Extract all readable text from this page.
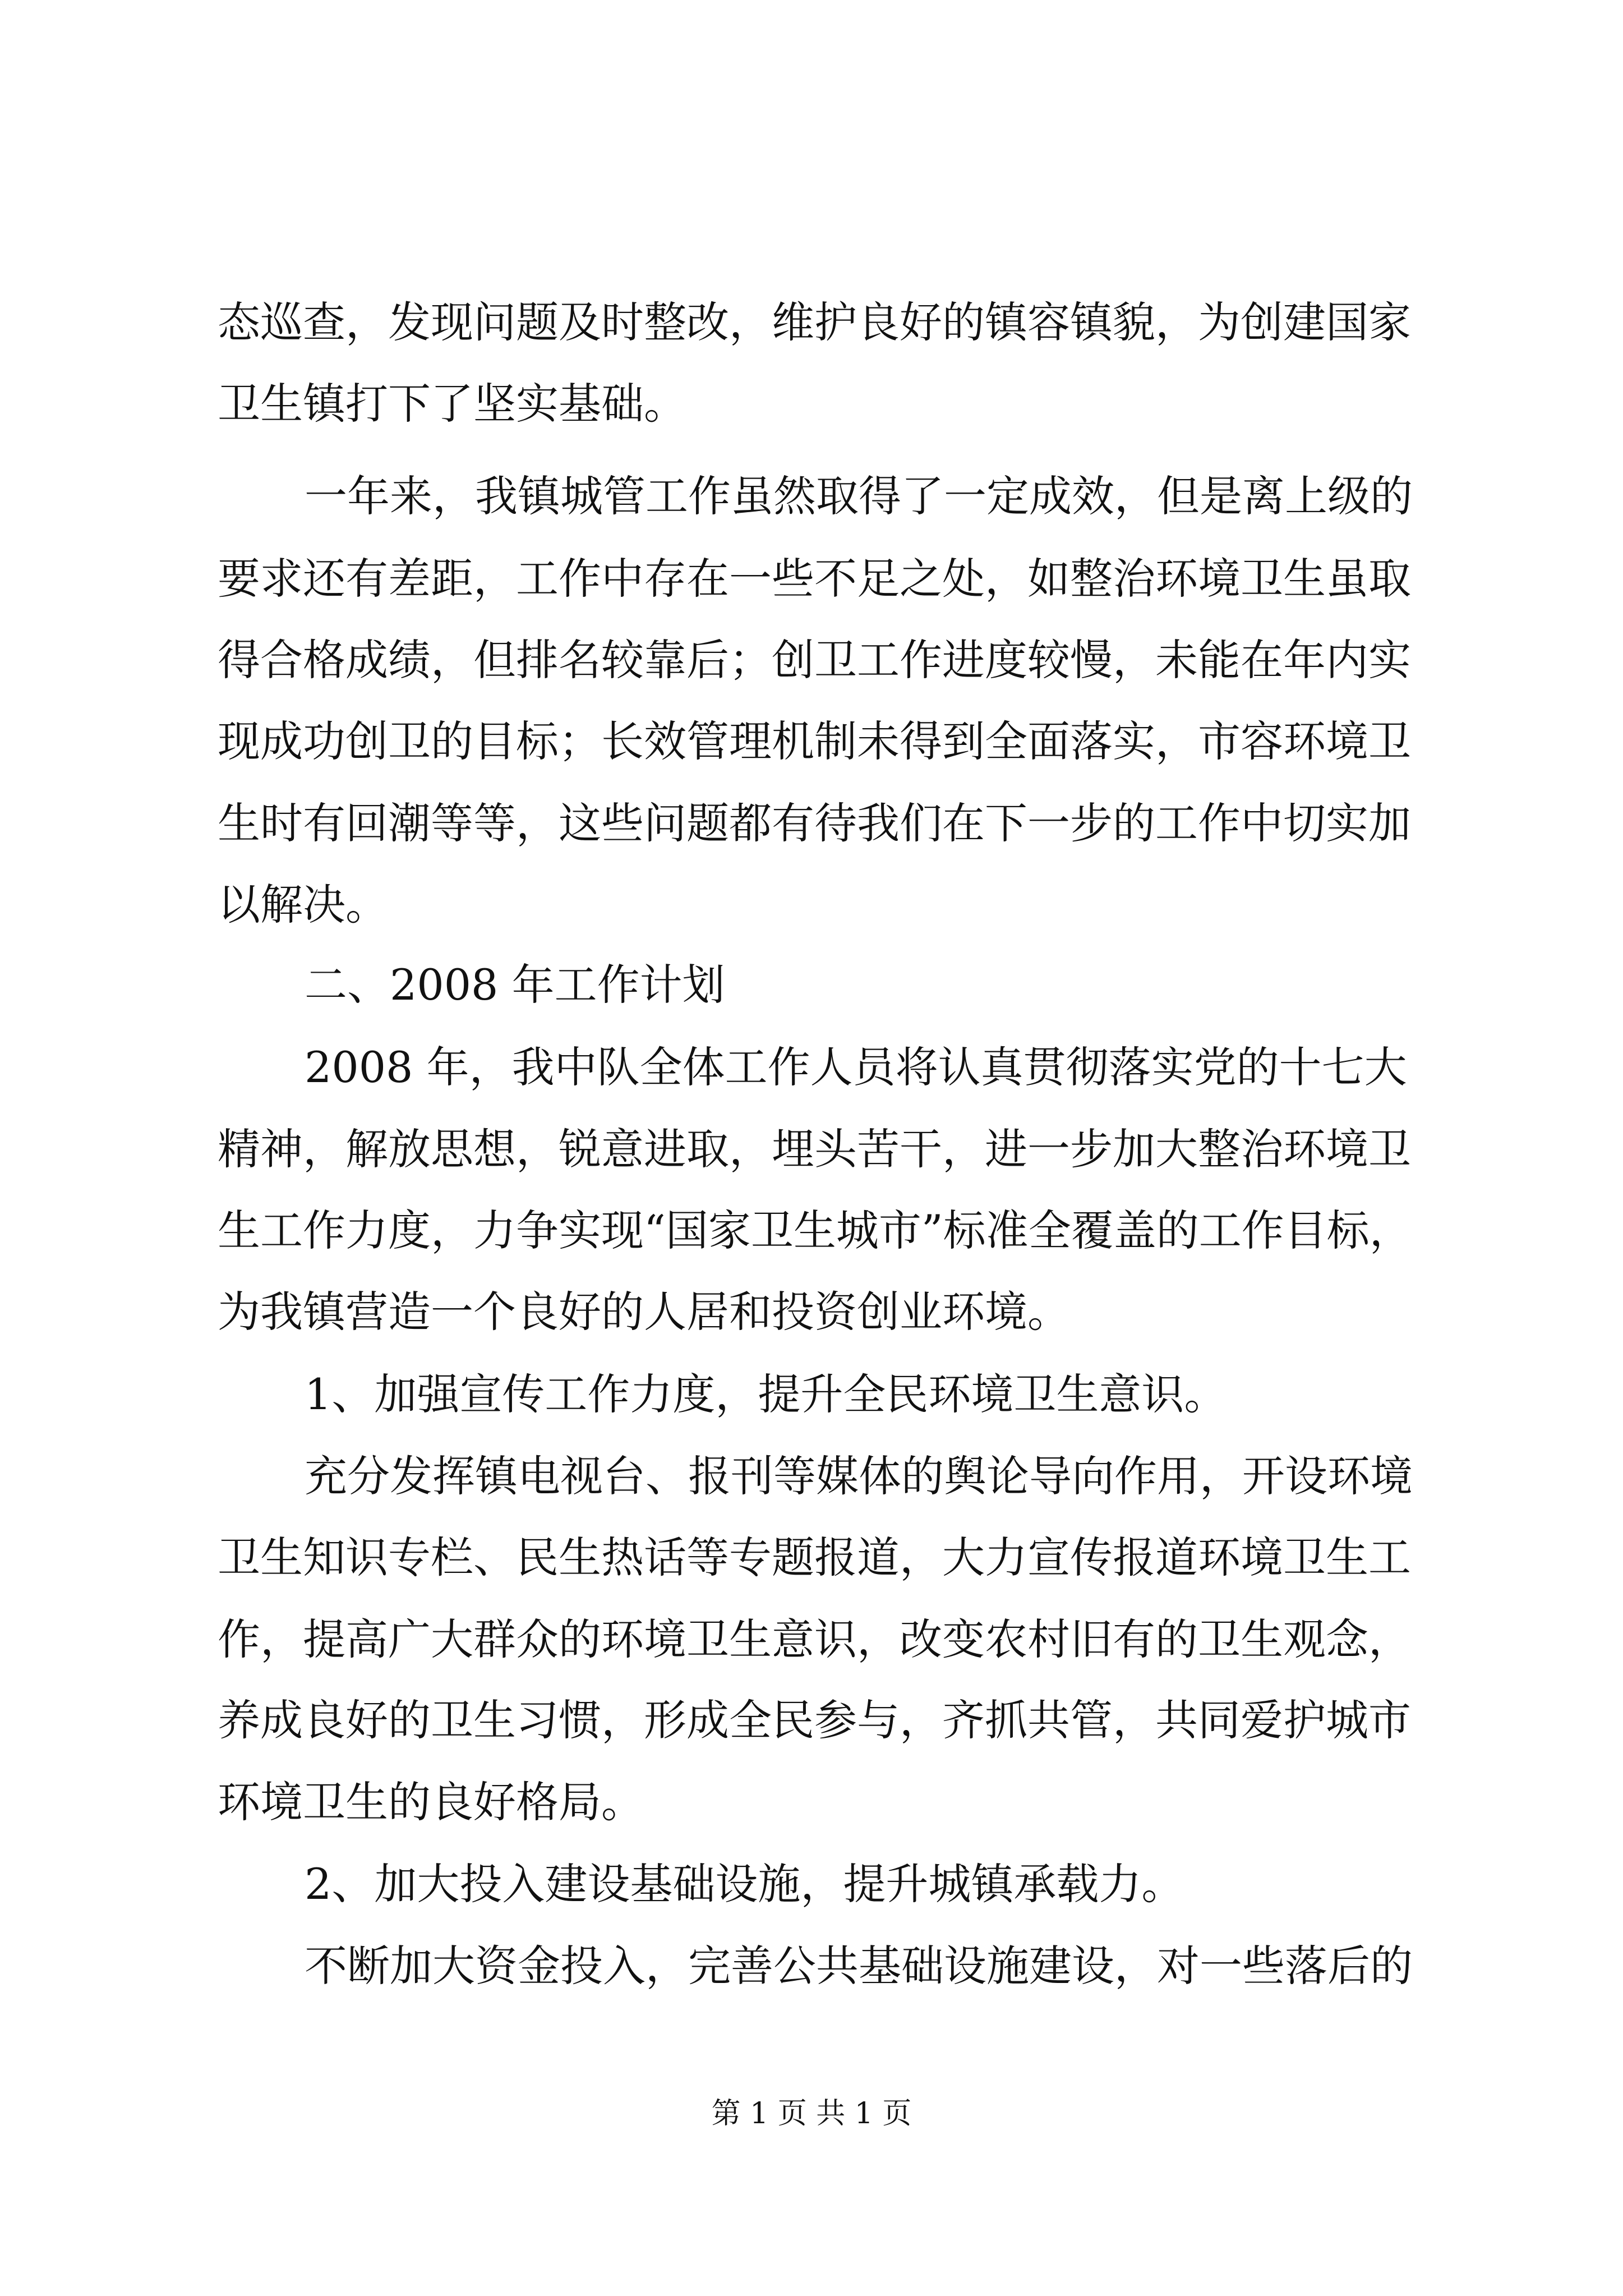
态巡查，发现问题及时整改，维护良好的镇容镇貌，为创建国家
卫生镇打下了坚实基础。
一年来，我镇城管工作虽然取得了一定成效，但是离上级的
要求还有差距，工作中存在一些不足之处，如整治环境卫生虽取
得合格成绩，但排名较靠后；创卫工作进度较慢，未能在年内实
现成功创卫的目标；长效管理机制未得到全面落实，市容环境卫
生时有回潮等等，这些问题都有待我们在下一步的工作中切实加
以解决。
二、2008 年工作计划
2008 年，我中队全体工作人员将认真贯彻落实党的十七大
精神，解放思想，锐意进取，埋头苦干，进一步加大整治环境卫
生工作力度，力争实现“国家卫生城市”标准全覆盖的工作目标，
为我镇营造一个良好的人居和投资创业环境。
1、加强宣传工作力度，提升全民环境卫生意识。
充分发挥镇电视台、报刊等媒体的舆论导向作用，开设环境
卫生知识专栏、民生热话等专题报道，大力宣传报道环境卫生工
作，提高广大群众的环境卫生意识，改变农村旧有的卫生观念，
养成良好的卫生习惯，形成全民参与，齐抓共管，共同爱护城市
环境卫生的良好格局。
2、加大投入建设基础设施，提升城镇承载力。
不断加大资金投入，完善公共基础设施建设，对一些落后的
第 1 页 共 1 页
